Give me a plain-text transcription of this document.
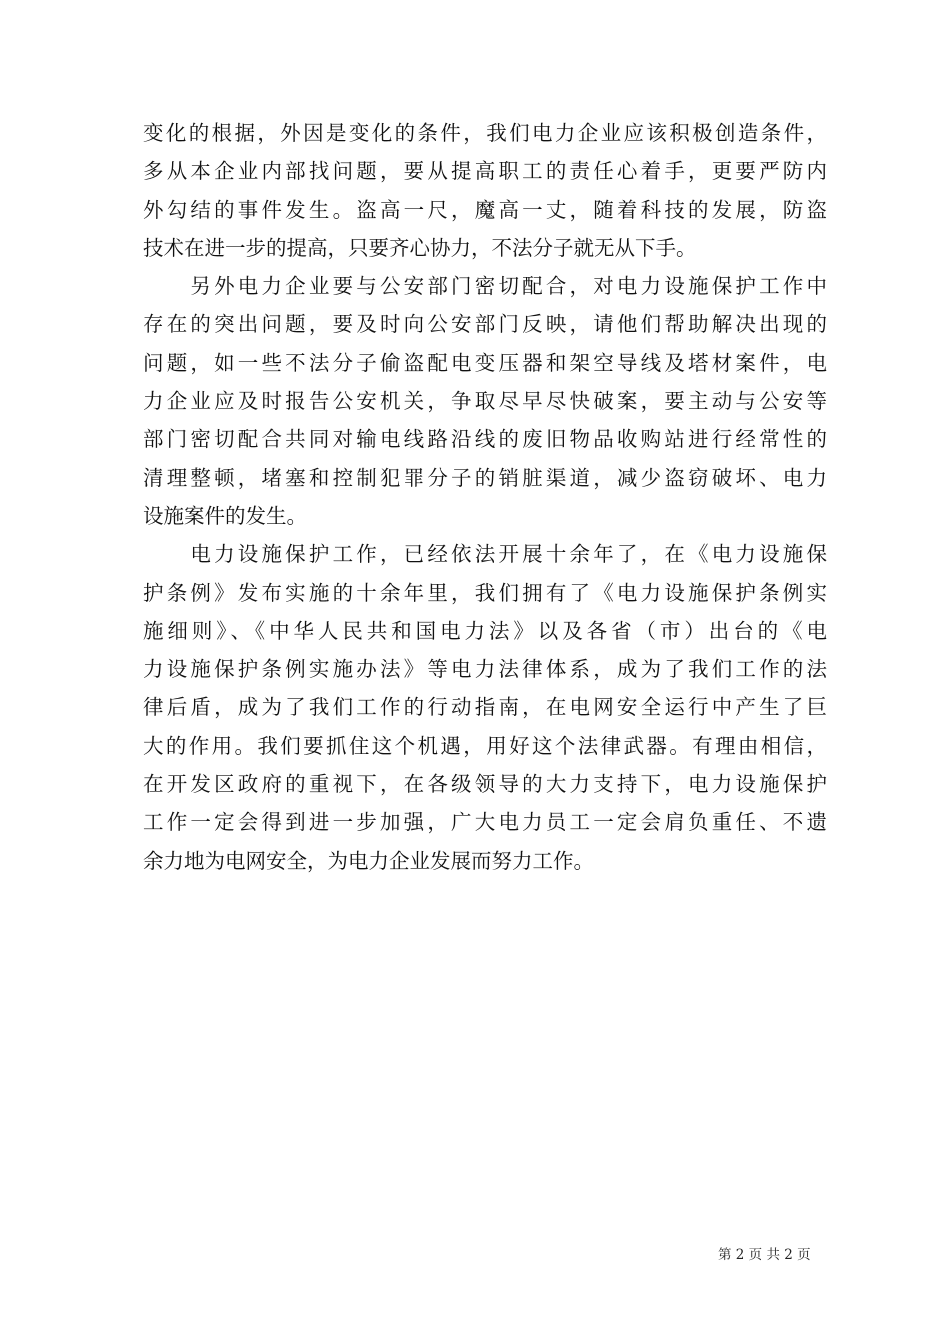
变化的根据，外因是变化的条件，我们电力企业应该积极创造条件，
多从本企业内部找问题，要从提高职工的责任心着手，更要严防内
外勾结的事件发生。盗高一尺，魔高一丈，随着科技的发展，防盗
技术在进一步的提高，只要齐心协力，不法分子就无从下手。
　　另外电力企业要与公安部门密切配合，对电力设施保护工作中
存在的突出问题，要及时向公安部门反映，请他们帮助解决出现的
问题，如一些不法分子偷盗配电变压器和架空导线及塔材案件，电
力企业应及时报告公安机关，争取尽早尽快破案，要主动与公安等
部门密切配合共同对输电线路沿线的废旧物品收购站进行经常性的
清理整顿，堵塞和控制犯罪分子的销脏渠道，减少盗窃破坏、电力
设施案件的发生。
　　电力设施保护工作，已经依法开展十余年了，在《电力设施保
护条例》发布实施的十余年里，我们拥有了《电力设施保护条例实
施细则》、《中华人民共和国电力法》以及各省（市）出台的《电
力设施保护条例实施办法》等电力法律体系，成为了我们工作的法
律后盾，成为了我们工作的行动指南，在电网安全运行中产生了巨
大的作用。我们要抓住这个机遇，用好这个法律武器。有理由相信，
在开发区政府的重视下，在各级领导的大力支持下，电力设施保护
工作一定会得到进一步加强，广大电力员工一定会肩负重任、不遗
余力地为电网安全，为电力企业发展而努力工作。
第 2 页 共 2 页
